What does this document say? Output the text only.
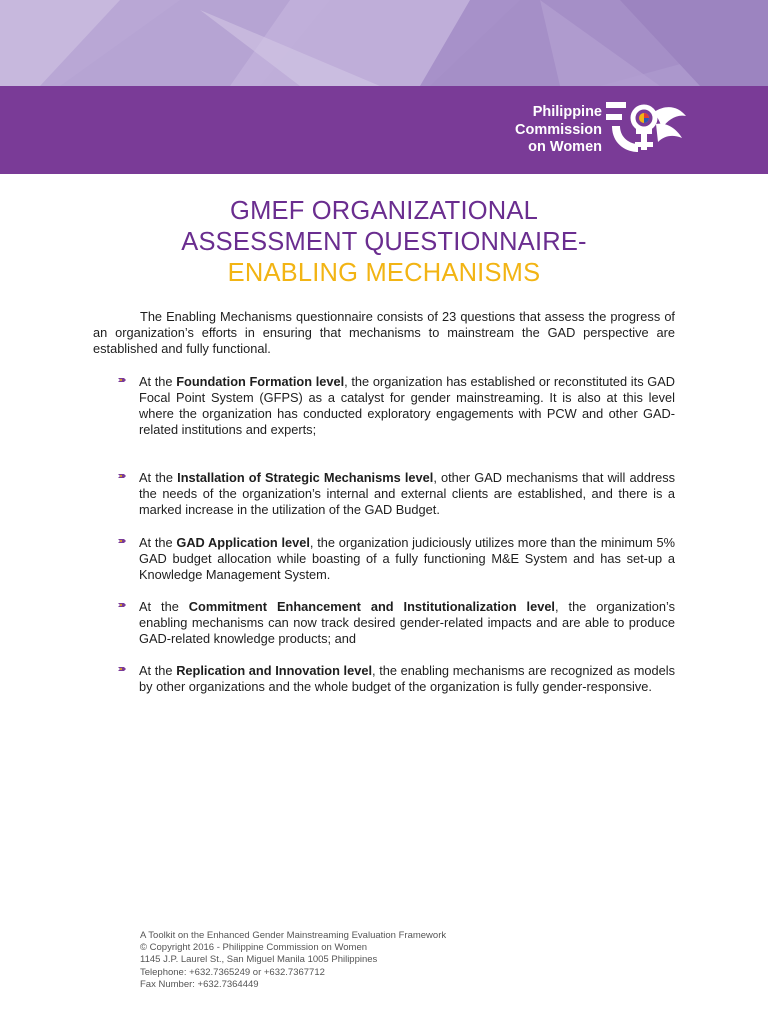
Philippine
Commission
on Women
GMEF ORGANIZATIONAL
ASSESSMENT QUESTIONNAIRE-
ENABLING MECHANISMS

The Enabling Mechanisms questionnaire consists of 23 questions that assess the progress of an organization’s efforts in ensuring that mechanisms to mainstream the GAD perspective are established and fully functional.

At the Foundation Formation level, the organization has established or reconstituted its GAD Focal Point System (GFPS) as a catalyst for gender mainstreaming. It is also at this level where the organization has conducted exploratory engagements with PCW and other GAD-related institutions and experts;

At the Installation of Strategic Mechanisms level, other GAD mechanisms that will address the needs of the organization’s internal and external clients are established, and there is a marked increase in the utilization of the GAD Budget.

At the GAD Application level, the organization judiciously utilizes more than the minimum 5% GAD budget allocation while boasting of a fully functioning M&E System and has set-up a Knowledge Management System.

At the Commitment Enhancement and Institutionalization level, the organization’s enabling mechanisms can now track desired gender-related impacts and are able to produce GAD-related knowledge products; and

At the Replication and Innovation level, the enabling mechanisms are recognized as models by other organizations and the whole budget of the organization is fully gender-responsive.

A Toolkit on the Enhanced Gender Mainstreaming Evaluation Framework
© Copyright 2016 - Philippine Commission on Women
1145 J.P. Laurel St., San Miguel Manila 1005 Philippines
Telephone: +632.7365249 or +632.7367712
Fax Number: +632.7364449
